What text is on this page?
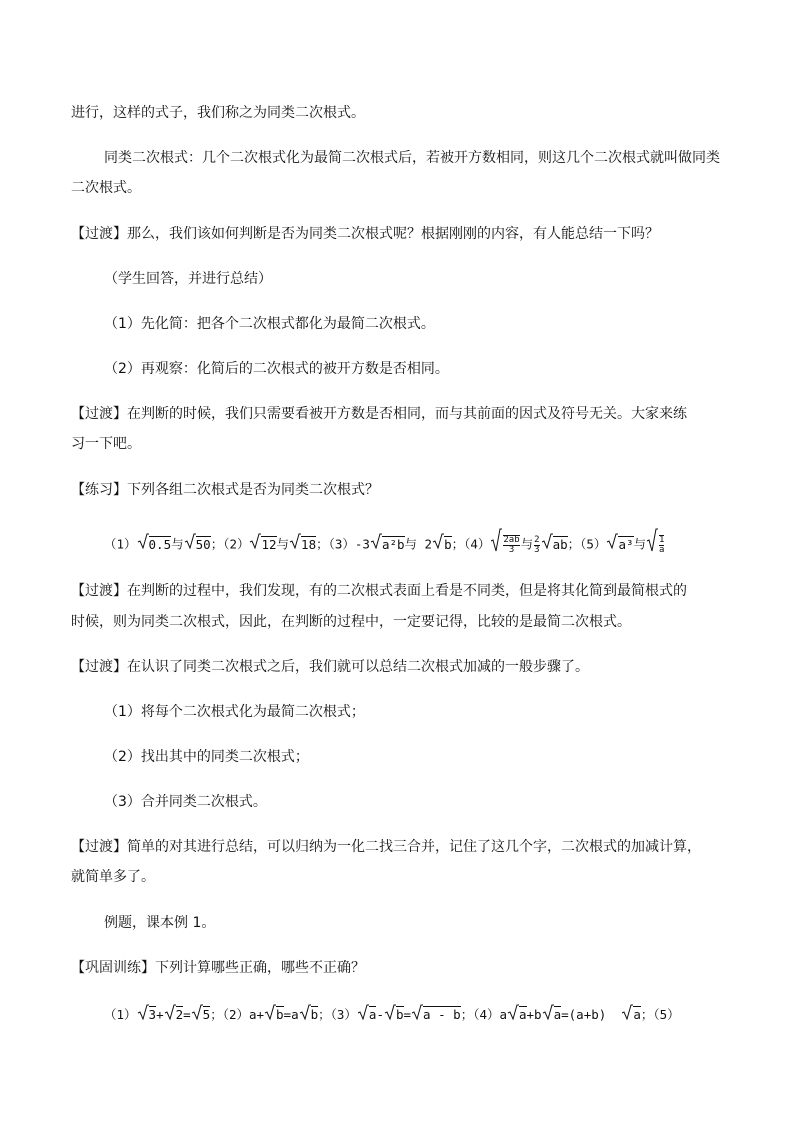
进行，这样的式子，我们称之为同类二次根式。
同类二次根式：几个二次根式化为最简二次根式后，若被开方数相同，则这几个二次根式就叫做同类
二次根式。
【过渡】那么，我们该如何判断是否为同类二次根式呢？根据刚刚的内容，有人能总结一下吗？
（学生回答，并进行总结）
（1）先化简：把各个二次根式都化为最简二次根式。
（2）再观察：化简后的二次根式的被开方数是否相同。
【过渡】在判断的时候，我们只需要看被开方数是否相同，而与其前面的因式及符号无关。大家来练
习一下吧。
【练习】下列各组二次根式是否为同类二次根式？
（1） 0.5与 50；（2） 12与 18；（3）-3 a²b与 2 b；$(4) \frac{2ab}{3}$ 与 $\frac{2}{3}$ ab；（5） a³与 $\frac{1}{a}$
【过渡】在判断的过程中，我们发现，有的二次根式表面上看是不同类，但是将其化简到最简根式的
时候，则为同类二次根式，因此，在判断的过程中，一定要记得，比较的是最简二次根式。
【过渡】在认识了同类二次根式之后，我们就可以总结二次根式加减的一般步骤了。
（1）将每个二次根式化为最简二次根式；
（2）找出其中的同类二次根式；
（3）合并同类二次根式。
【过渡】简单的对其进行总结，可以归纳为一化二找三合并，记住了这几个字，二次根式的加减计算，
就简单多了。
例题，课本例 1。
【巩固训练】下列计算哪些正确，哪些不正确？
（1） 3+ 2= 5；（2）a+ b=a b；（3） a- b= a - b；（4）a a+b a=(a+b)  a；（5）
